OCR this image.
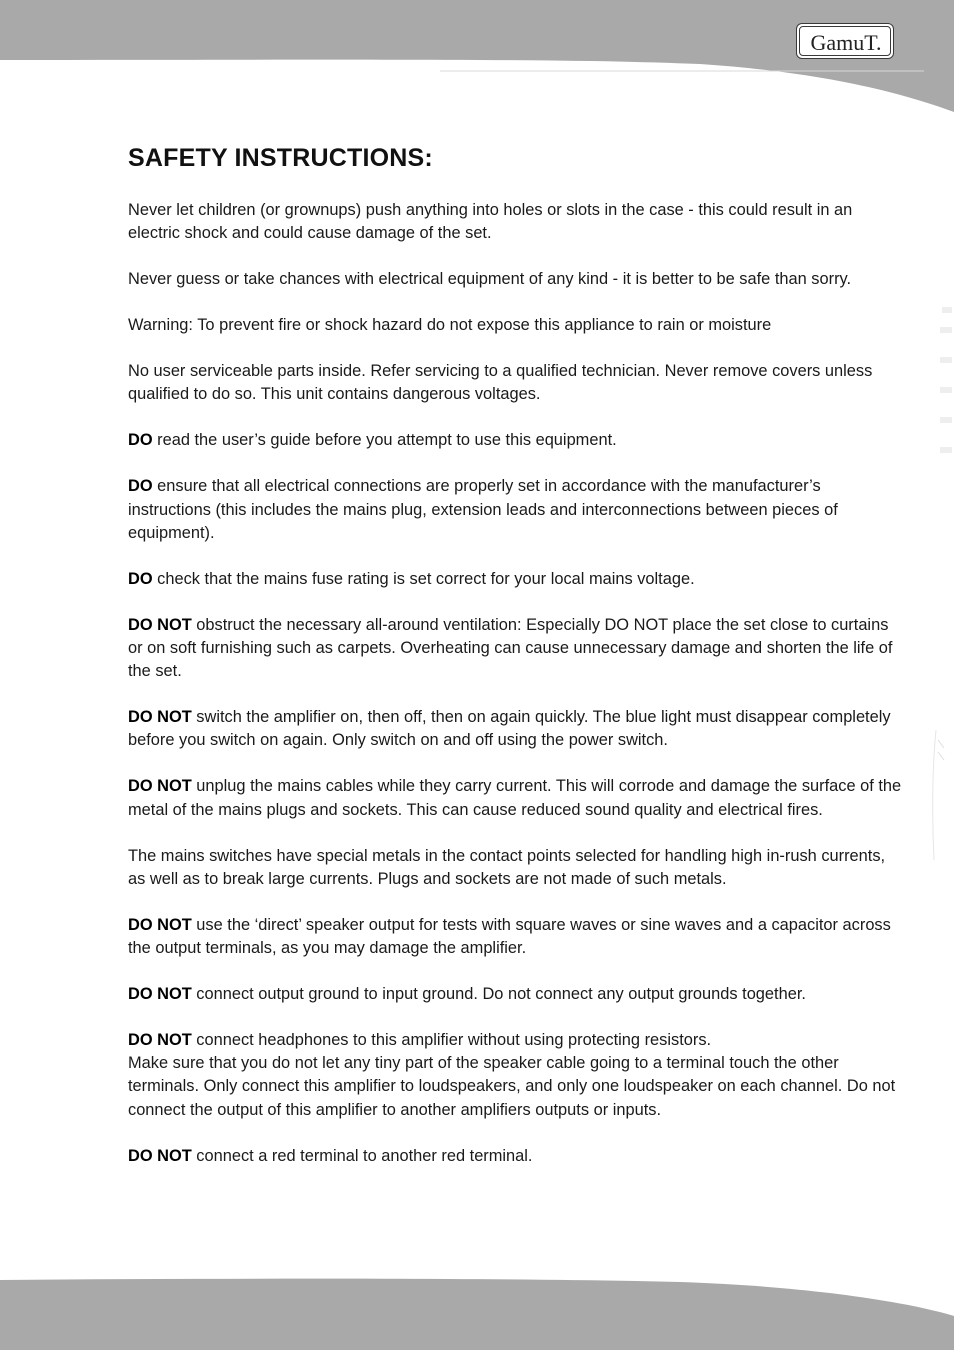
GamuT.
SAFETY INSTRUCTIONS:

Never let children (or grownups) push anything into holes or slots in the case - this could result in an electric shock and could cause damage of the set.

Never guess or take chances with electrical equipment of any kind - it is better to be safe than sorry.

Warning: To prevent fire or shock hazard do not expose this appliance to rain or moisture

No user serviceable parts inside. Refer servicing to a qualified technician. Never remove covers unless qualified to do so. This unit contains dangerous voltages.

DO read the user’s guide before you attempt to use this equipment.

DO ensure that all electrical connections are properly set in accordance with the manufacturer’s instructions (this includes the mains plug, extension leads and interconnections between pieces of equipment).

DO check that the mains fuse rating is set correct for your local mains voltage.

DO NOT obstruct the necessary all-around ventilation: Especially DO NOT place the set close to curtains or on soft furnishing such as carpets. Overheating can cause unnecessary damage and shorten the life of the set.

DO NOT switch the amplifier on, then off, then on again quickly. The blue light must disappear completely before you switch on again. Only switch on and off using the power switch.

DO NOT unplug the mains cables while they carry current. This will corrode and damage the surface of the metal of the mains plugs and sockets. This can cause reduced sound quality and electrical fires.

The mains switches have special metals in the contact points selected for handling high in-rush currents, as well as to break large currents. Plugs and sockets are not made of such metals.

DO NOT use the ‘direct’ speaker output for tests with square waves or sine waves and a capacitor across the output terminals, as you may damage the amplifier.

DO NOT connect output ground to input ground. Do not connect any output grounds together.

DO NOT connect headphones to this amplifier without using protecting resistors.
Make sure that you do not let any tiny part of the speaker cable going to a terminal touch the other terminals. Only connect this amplifier to loudspeakers, and only one loudspeaker on each channel. Do not connect the output of this amplifier to another amplifiers outputs or inputs.

DO NOT connect a red terminal to another red terminal.
